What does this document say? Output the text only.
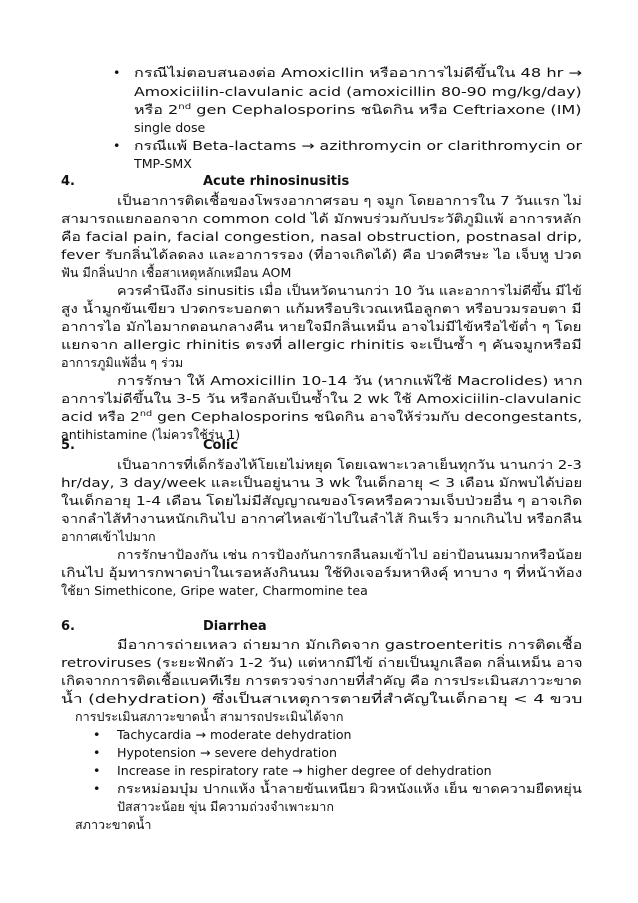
• กรณีไม่ตอบสนองต่อ Amoxicllin หรืออาการไม่ดีขึ้นใน 48 hr →
Amoxiciilin-clavulanic acid (amoxicillin 80-90 mg/kg/day)
หรือ 2nd gen Cephalosporins ชนิดกิน หรือ Ceftriaxone (IM)
single dose
• กรณีแพ้ Beta-lactams → azithromycin or clarithromycin or
TMP-SMX
4.	Acute rhinosinusitis
เป็นอาการติดเชื้อของโพรงอากาศรอบ ๆ จมูก โดยอาการใน 7 วันแรก ไม่
สามารถแยกออกจาก common cold ได้ มักพบร่วมกับประวัติภูมิแพ้ อาการหลัก
คือ facial pain, facial congestion, nasal obstruction, postnasal drip,
fever รับกลิ่นได้ลดลง และอาการรอง (ที่อาจเกิดได้) คือ ปวดศีรษะ ไอ เจ็บหู ปวด
ฟัน มีกลิ่นปาก เชื้อสาเหตุหลักเหมือน AOM
ควรคำนึงถึง sinusitis เมื่อ เป็นหวัดนานกว่า 10 วัน และอาการไม่ดีขึ้น มีไข้
สูง น้ำมูกข้นเขียว ปวดกระบอกตา แก้มหรือบริเวณเหนือลูกตา หรือบวมรอบตา มี
อาการไอ มักไอมากตอนกลางคืน หายใจมีกลิ่นเหม็น อาจไม่มีไข้หรือไข้ต่ำ ๆ โดย
แยกจาก allergic rhinitis ตรงที่ allergic rhinitis จะเป็นซ้ำ ๆ คันจมูกหรือมี
อาการภูมิแพ้อื่น ๆ ร่วม
การรักษา ให้ Amoxicillin 10-14 วัน (หากแพ้ใช้ Macrolides) หาก
อาการไม่ดีขึ้นใน 3-5 วัน หรือกลับเป็นซ้ำใน 2 wk ใช้ Amoxiciilin-clavulanic
acid หรือ 2nd gen Cephalosporins ชนิดกิน อาจให้ร่วมกับ decongestants,
antihistamine (ไม่ควรใช้รุ่น 1)
5.	Colic
เป็นอาการที่เด็กร้องไห้โยเยไม่หยุด โดยเฉพาะเวลาเย็นทุกวัน นานกว่า 2-3
hr/day, 3 day/week และเป็นอยู่นาน 3 wk ในเด็กอายุ < 3 เดือน มักพบได้บ่อย
ในเด็กอายุ 1-4 เดือน โดยไม่มีสัญญาณของโรคหรือความเจ็บป่วยอื่น ๆ อาจเกิด
จากลำไส้ทำงานหนักเกินไป อากาศไหลเข้าไปในลำไส้ กินเร็ว มากเกินไป หรือกลืน
อากาศเข้าไปมาก
การรักษาป้องกัน เช่น การป้องกันการกลืนลมเข้าไป อย่าป้อนนมมากหรือน้อย
เกินไป อุ้มทารกพาดบ่าในเรอหลังกินนม ใช้ทิงเจอร์มหาหิงคุ์ ทาบาง ๆ ที่หน้าท้อง
ใช้ยา Simethicone, Gripe water, Charmomine tea
6.	Diarrhea
มีอาการถ่ายเหลว ถ่ายมาก มักเกิดจาก gastroenteritis การติดเชื้อ
retroviruses (ระยะฟักตัว 1-2 วัน) แต่หากมีไข้ ถ่ายเป็นมูกเลือด กลิ่นเหม็น อาจ
เกิดจากการติดเชื้อแบคทีเรีย การตรวจร่างกายที่สำคัญ คือ การประเมินสภาวะขาด
น้ำ (dehydration) ซึ่งเป็นสาเหตุการตายที่สำคัญในเด็กอายุ < 4 ขวบ
การประเมินสภาวะขาดน้ำ สามารถประเมินได้จาก
• Tachycardia → moderate dehydration
• Hypotension → severe dehydration
• Increase in respiratory rate → higher degree of dehydration
• กระหม่อมบุ๋ม ปากแห้ง น้ำลายข้นเหนียว ผิวหนังแห้ง เย็น ขาดความยืดหยุ่น
ปัสสาวะน้อย ขุ่น มีความถ่วงจำเพาะมาก
สภาวะขาดน้ำ
